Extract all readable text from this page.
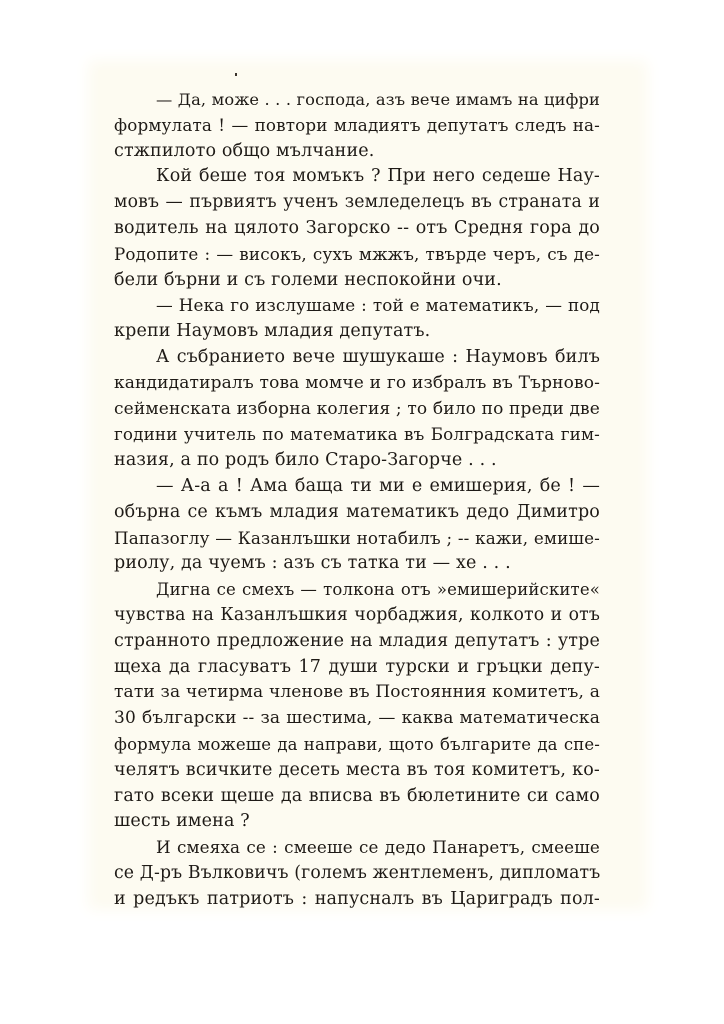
— Да, може . . . господа, азъ вече имамъ нa цифри
формулата ! — повтори младиятъ депутатъ следъ на-
стжпилото общо мълчание.
Кой беше тоя момъкъ ? При него седеше Нау-
мовъ — първиятъ ученъ земледелецъ въ страната и
водитель на цялото Загорско -- отъ Средня гора до
Родопите : — високъ, сухъ мжжъ, твърде черъ, съ де-
бели бърни и съ големи неспокойни очи.
— Нека го изслушаме : той е математикъ, — под
крепи Наумовъ младия депутатъ.
А събранието вече шушукаше : Наумовъ билъ
кандидатиралъ това момче и го избралъ въ Търново-
сеймeнската изборна колегия ; то било по преди две
години учитель по математика въ Болградската гим-
назия, а по родъ било Старо-Загорче . . .
— А-а а ! Ама баща ти ми е емишерия, бе ! —
обърна се къмъ младия математикъ дедо Димитро
Папазоглу — Казанлъшки нотабилъ ; -- кажи, емише-
риолу, да чуемъ : азъ съ татка ти — хе . . .
Дигна се смехъ — толкона отъ »емишерийските«
чувства на Казанлъшкия чорбаджия, колкото и отъ
странното предложение на младия депутатъ : утре
щеха да гласуватъ 17 души турски и гръцки депу-
тати за четирма членове въ Постоянния комитетъ, а
30 български -- за шестима, — каква математическа
формула можеше да направи, щото българите да спе-
челятъ всичките десеть места въ тоя комитетъ, ко-
гато всеки щеше да вписва въ бюлетините си само
шесть имена ?
И смеяха се : смееше се дедо Панаретъ, смееше
се Д-ръ Вълковичъ (големъ жентлеменъ, дипломатъ
и редъкъ патриотъ : напусналъ въ Цариградъ пол-
